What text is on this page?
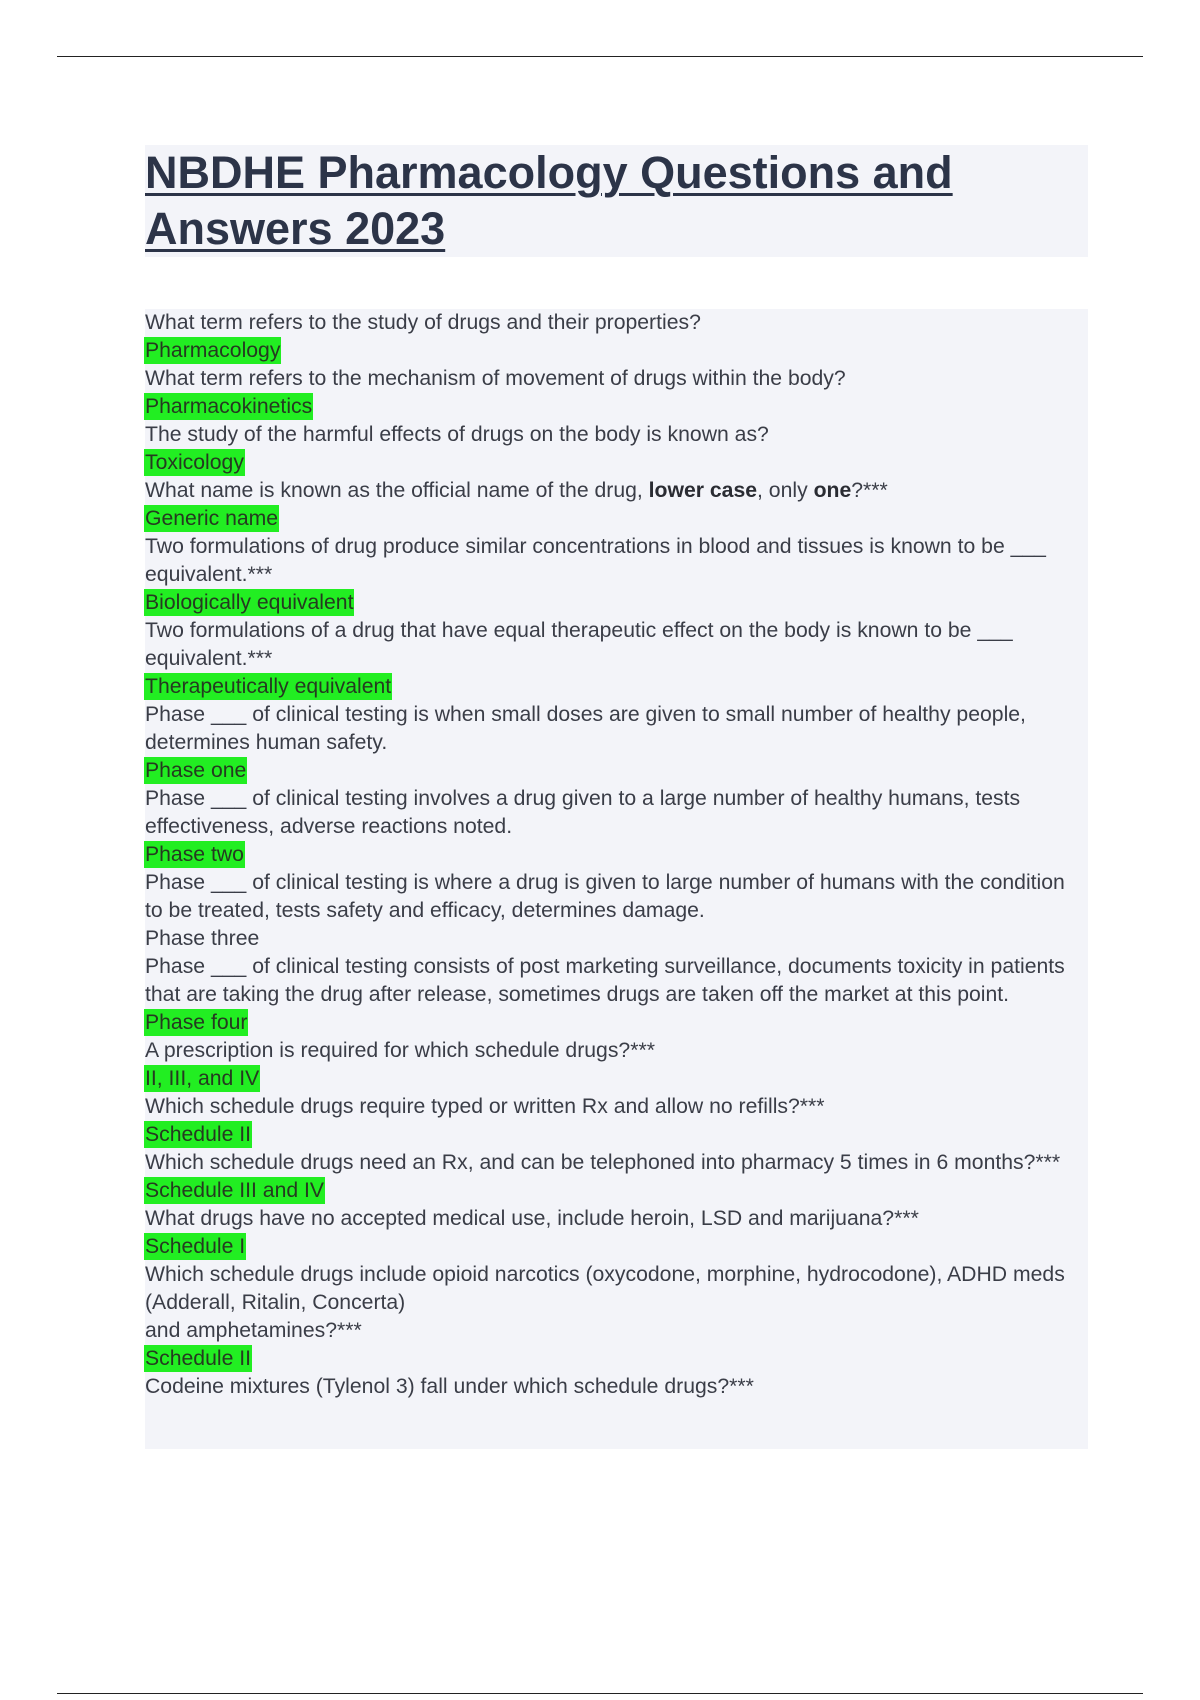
NBDHE Pharmacology Questions and Answers 2023
What term refers to the study of drugs and their properties?
Pharmacology
What term refers to the mechanism of movement of drugs within the body?
Pharmacokinetics
The study of the harmful effects of drugs on the body is known as?
Toxicology
What name is known as the official name of the drug, lower case, only one?***
Generic name
Two formulations of drug produce similar concentrations in blood and tissues is known to be ___ equivalent.***
Biologically equivalent
Two formulations of a drug that have equal therapeutic effect on the body is known to be ___ equivalent.***
Therapeutically equivalent
Phase ___ of clinical testing is when small doses are given to small number of healthy people, determines human safety.
Phase one
Phase ___ of clinical testing involves a drug given to a large number of healthy humans, tests effectiveness, adverse reactions noted.
Phase two
Phase ___ of clinical testing is where a drug is given to large number of humans with the condition to be treated, tests safety and efficacy, determines damage.
Phase three
Phase ___ of clinical testing consists of post marketing surveillance, documents toxicity in patients that are taking the drug after release, sometimes drugs are taken off the market at this point.
Phase four
A prescription is required for which schedule drugs?***
II, III, and IV
Which schedule drugs require typed or written Rx and allow no refills?***
Schedule II
Which schedule drugs need an Rx, and can be telephoned into pharmacy 5 times in 6 months?***
Schedule III and IV
What drugs have no accepted medical use, include heroin, LSD and marijuana?***
Schedule I
Which schedule drugs include opioid narcotics (oxycodone, morphine, hydrocodone), ADHD meds (Adderall, Ritalin, Concerta)
and amphetamines?***
Schedule II
Codeine mixtures (Tylenol 3) fall under which schedule drugs?***
